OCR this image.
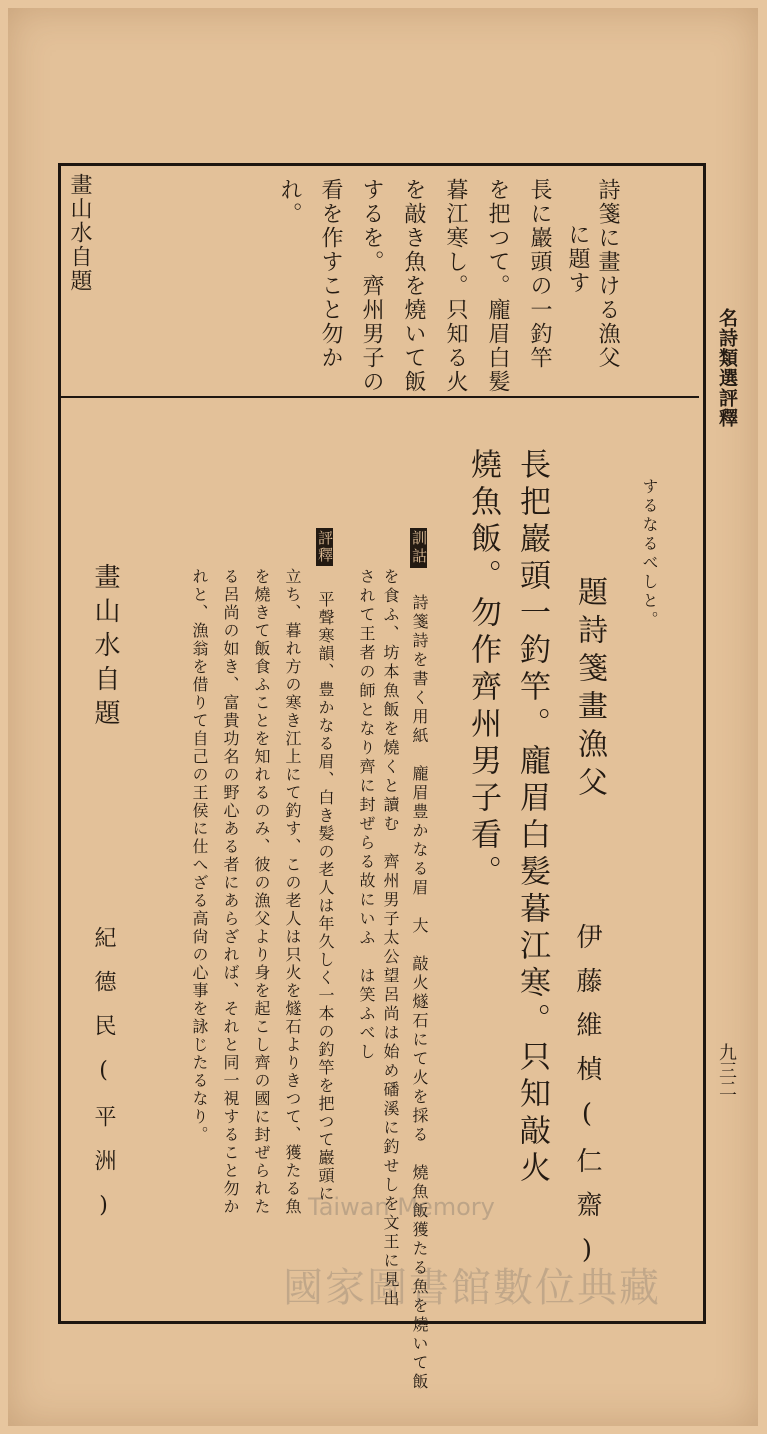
名詩類選評釋
九三二
詩箋に畫ける漁父
に題す
長に巖頭の一釣竿
を把つて。龐眉白髪
暮江寒し。只知る火
を敲き魚を燒いて飯
するを。齊州男子の
看を作すこと勿か
れ。
畫山水自題
するなるべしと。
題詩箋畫漁父
伊藤維楨(仁齋)
長把巖頭一釣竿。龐眉白髪暮江寒。只知敲火
燒魚飯。勿作齊州男子看。
訓詁 詩箋詩を書く用紙　龐眉豊かなる眉　大　敲火燧石にて火を採る　燒魚飯獲たる魚を燒いて飯
を食ふ、坊本魚飯を燒くと讀む　齊州男子太公望呂尚は始め磻溪に釣せしを文王に見出
されて王者の師となり齊に封ぜらる故にいふ　は笑ふべし
評釋 平聲寒韻、豊かなる眉、白き髪の老人は年久しく一本の釣竿を把つて巖頭に
立ち、暮れ方の寒き江上にて釣す、この老人は只火を燧石よりきつて、獲たる魚
を燒きて飯食ふことを知れるのみ、彼の漁父より身を起こし齊の國に封ぜられた
る呂尚の如き、富貴功名の野心ある者にあらざれば、それと同一視すること勿か
れと、漁翁を借りて自己の王侯に仕へざる高尙の心事を詠じたるなり。
畫山水自題
紀德民(平洲)	Taiwan Memory
國家圖書館數位典藏
